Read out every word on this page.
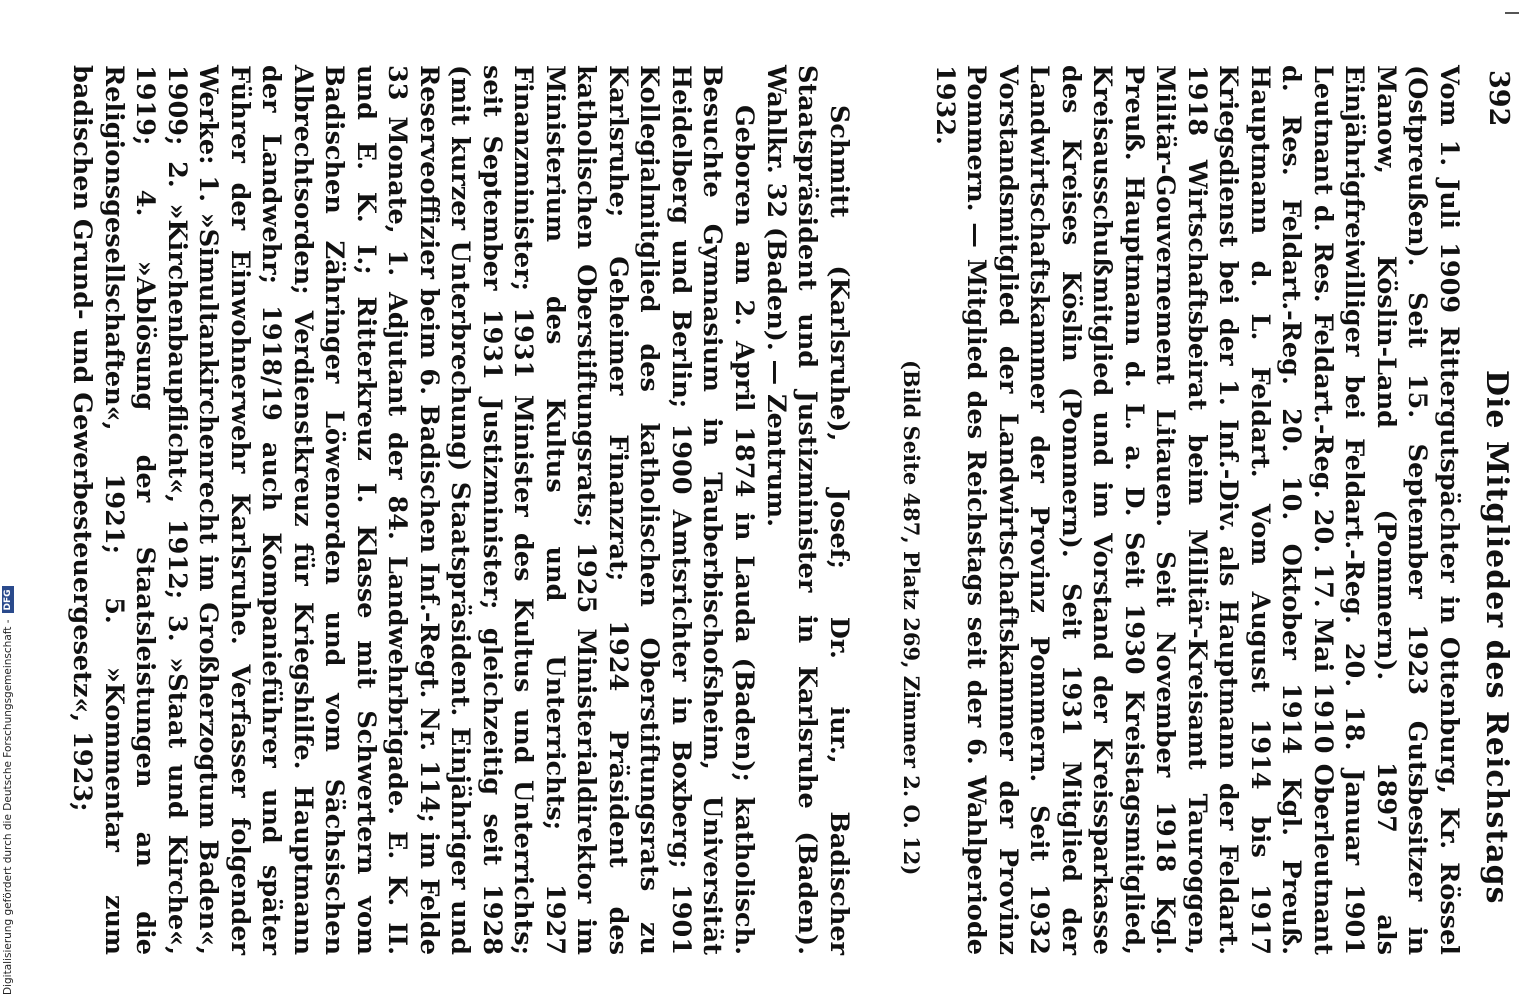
392
Die Mitglieder des Reichstags

Vom 1. Juli 1909 Rittergutspächter in Ottenburg, Kr. Rössel (Ostpreußen). Seit 15. September 1923 Gutsbesitzer in Manow, Köslin-Land (Pommern). 1897 als Einjährigfreiwilliger bei Feldart.-Reg. 20. 18. Januar 1901 Leutnant d. Res. Feldart.-Reg. 20. 17. Mai 1910 Oberleutnant d. Res. Feldart.-Reg. 20. 10. Oktober 1914 Kgl. Preuß. Hauptmann d. L. Feldart. Vom August 1914 bis 1917 Kriegsdienst bei der 1. Inf.-Div. als Hauptmann der Feldart. 1918 Wirtschaftsbeirat beim Militär-Kreisamt Tauroggen, Militär-Gouvernement Litauen. Seit November 1918 Kgl. Preuß. Hauptmann d. L. a. D. Seit 1930 Kreistagsmitglied, Kreisausschußmitglied und im Vorstand der Kreissparkasse des Kreises Köslin (Pommern). Seit 1931 Mitglied der Landwirtschaftskammer der Provinz Pommern. Seit 1932 Vorstandsmitglied der Landwirtschaftskammer der Provinz Pommern. — Mitglied des Reichstags seit der 6. Wahlperiode 1932.

(Bild Seite 487, Platz 269, Zimmer 2. O. 12)

Schmitt (Karlsruhe), Josef; Dr. iur., Badischer Staatspräsident und Justizminister in Karlsruhe (Baden). Wahlkr. 32 (Baden). — Zentrum.

Geboren am 2. April 1874 in Lauda (Baden); katholisch. Besuchte Gymnasium in Tauberbischofsheim, Universität Heidelberg und Berlin; 1900 Amtsrichter in Boxberg; 1901 Kollegialmitglied des katholischen Oberstiftungsrats zu Karlsruhe; Geheimer Finanzrat; 1924 Präsident des katholischen Oberstiftungsrats; 1925 Ministerialdirektor im Ministerium des Kultus und Unterrichts; 1927 Finanzminister; 1931 Minister des Kultus und Unterrichts; seit September 1931 Justizminister; gleichzeitig seit 1928 (mit kurzer Unterbrechung) Staatspräsident. Einjähriger und Reserveoffizier beim 6. Badischen Inf.-Regt. Nr. 114; im Felde 33 Monate, 1. Adjutant der 84. Landwehrbrigade. E. K. II. und E. K. I.; Ritterkreuz I. Klasse mit Schwertern vom Badischen Zähringer Löwenorden und vom Sächsischen Albrechtsorden; Verdienstkreuz für Kriegshilfe. Hauptmann der Landwehr; 1918/19 auch Kompanieführer und später Führer der Einwohnerwehr Karlsruhe. Verfasser folgender Werke: 1. »Simultankirchenrecht im Großherzogtum Baden«, 1909; 2. »Kirchenbaupflicht«, 1912; 3. »Staat und Kirche«, 1919; 4. »Ablösung der Staatsleistungen an die Religionsgesellschaften«, 1921; 5. »Kommentar zum badischen Grund- und Gewerbesteuergesetz«, 1923;

Digitalisierung gefördert durch die Deutsche Forschungsgemeinschaft -DFG
